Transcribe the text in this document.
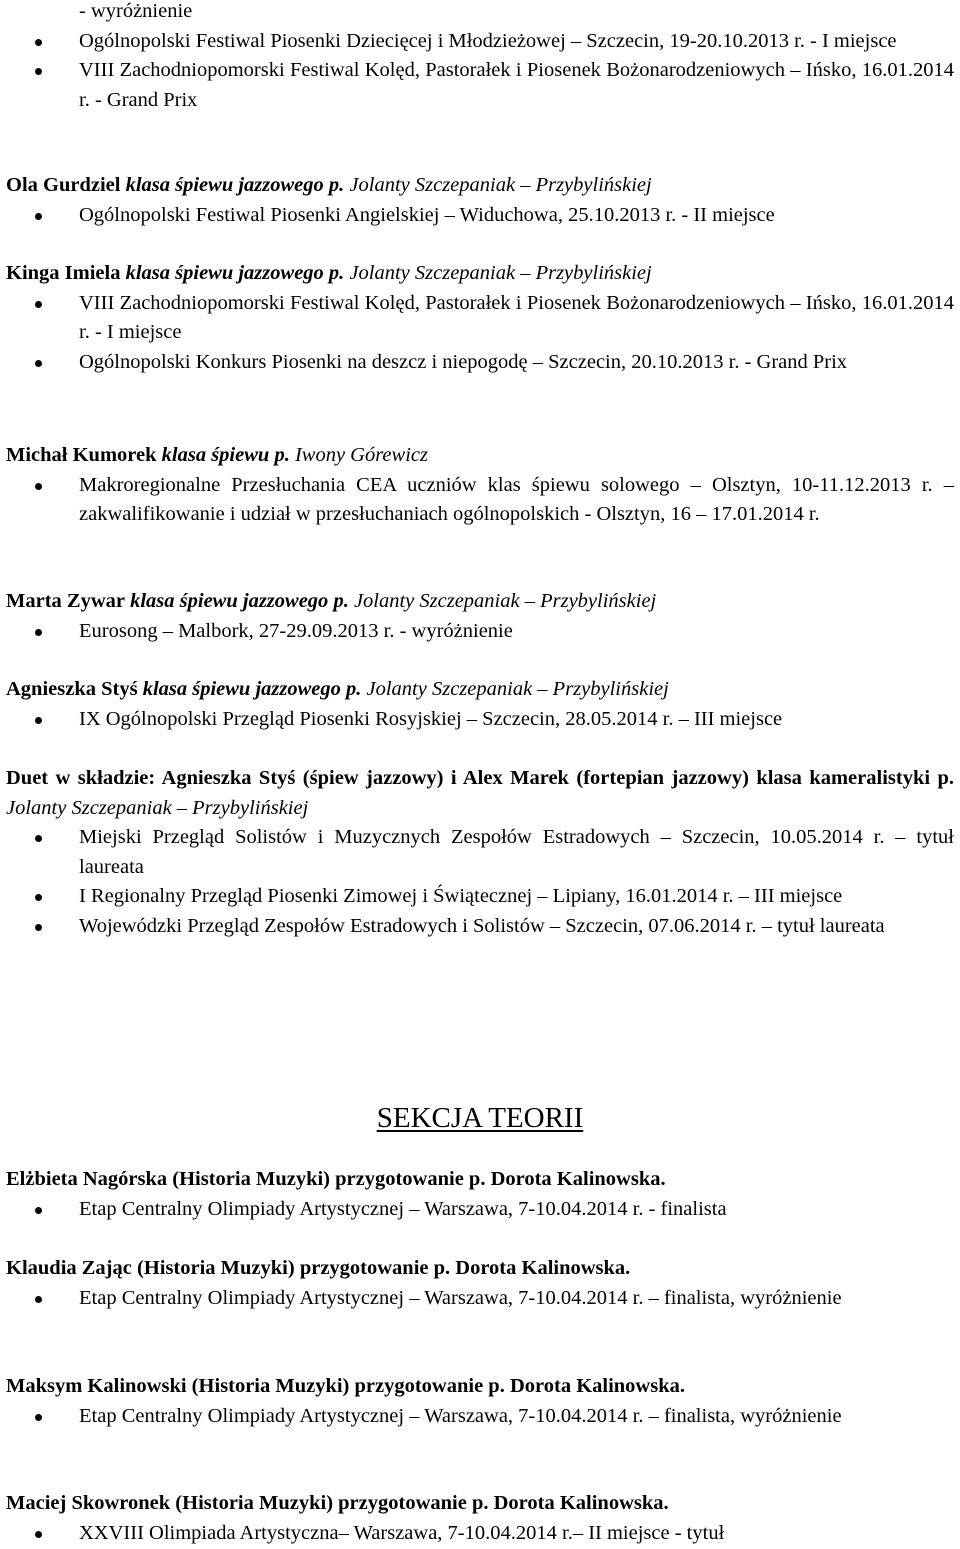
- wyróżnienie
Ogólnopolski Festiwal Piosenki Dziecięcej i Młodzieżowej – Szczecin, 19-20.10.2013 r. - I miejsce
VIII Zachodniopomorski Festiwal Kolęd, Pastorałek i Piosenek Bożonarodzeniowych – Ińsko, 16.01.2014 r. - Grand Prix

Ola Gurdziel klasa śpiewu jazzowego p. Jolanty Szczepaniak – Przybylińskiej

Ogólnopolski Festiwal Piosenki Angielskiej – Widuchowa, 25.10.2013 r. - II miejsce

Kinga Imiela klasa śpiewu jazzowego p. Jolanty Szczepaniak – Przybylińskiej

VIII Zachodniopomorski Festiwal Kolęd, Pastorałek i Piosenek Bożonarodzeniowych – Ińsko, 16.01.2014 r. - I miejsce
Ogólnopolski Konkurs Piosenki na deszcz i niepogodę – Szczecin, 20.10.2013 r. - Grand Prix

Michał Kumorek klasa śpiewu p. Iwony Górewicz

Makroregionalne Przesłuchania CEA uczniów klas śpiewu solowego – Olsztyn, 10-11.12.2013 r. – zakwalifikowanie i udział w przesłuchaniach ogólnopolskich - Olsztyn, 16 – 17.01.2014 r.

Marta Zywar klasa śpiewu jazzowego p. Jolanty Szczepaniak – Przybylińskiej

Eurosong – Malbork, 27-29.09.2013 r. - wyróżnienie

Agnieszka Styś klasa śpiewu jazzowego p. Jolanty Szczepaniak – Przybylińskiej

IX Ogólnopolski Przegląd Piosenki Rosyjskiej – Szczecin, 28.05.2014 r. – III miejsce

Duet w składzie: Agnieszka Styś (śpiew jazzowy) i Alex Marek (fortepian jazzowy) klasa kameralistyki p. Jolanty Szczepaniak – Przybylińskiej

Miejski Przegląd Solistów i Muzycznych Zespołów Estradowych – Szczecin, 10.05.2014 r. – tytuł laureata
I Regionalny Przegląd Piosenki Zimowej i Świątecznej – Lipiany, 16.01.2014 r. – III miejsce
Wojewódzki Przegląd Zespołów Estradowych i Solistów – Szczecin, 07.06.2014 r. – tytuł laureata
SEKCJA TEORII

Elżbieta Nagórska (Historia Muzyki) przygotowanie p. Dorota Kalinowska.

Etap Centralny Olimpiady Artystycznej – Warszawa, 7-10.04.2014 r. - finalista

Klaudia Zając (Historia Muzyki) przygotowanie p. Dorota Kalinowska.

Etap Centralny Olimpiady Artystycznej – Warszawa, 7-10.04.2014 r. – finalista, wyróżnienie

Maksym Kalinowski (Historia Muzyki) przygotowanie p. Dorota Kalinowska.

Etap Centralny Olimpiady Artystycznej – Warszawa, 7-10.04.2014 r. – finalista, wyróżnienie

Maciej Skowronek (Historia Muzyki) przygotowanie p. Dorota Kalinowska.

XXVIII Olimpiada Artystyczna– Warszawa, 7-10.04.2014 r.– II miejsce - tytuł
